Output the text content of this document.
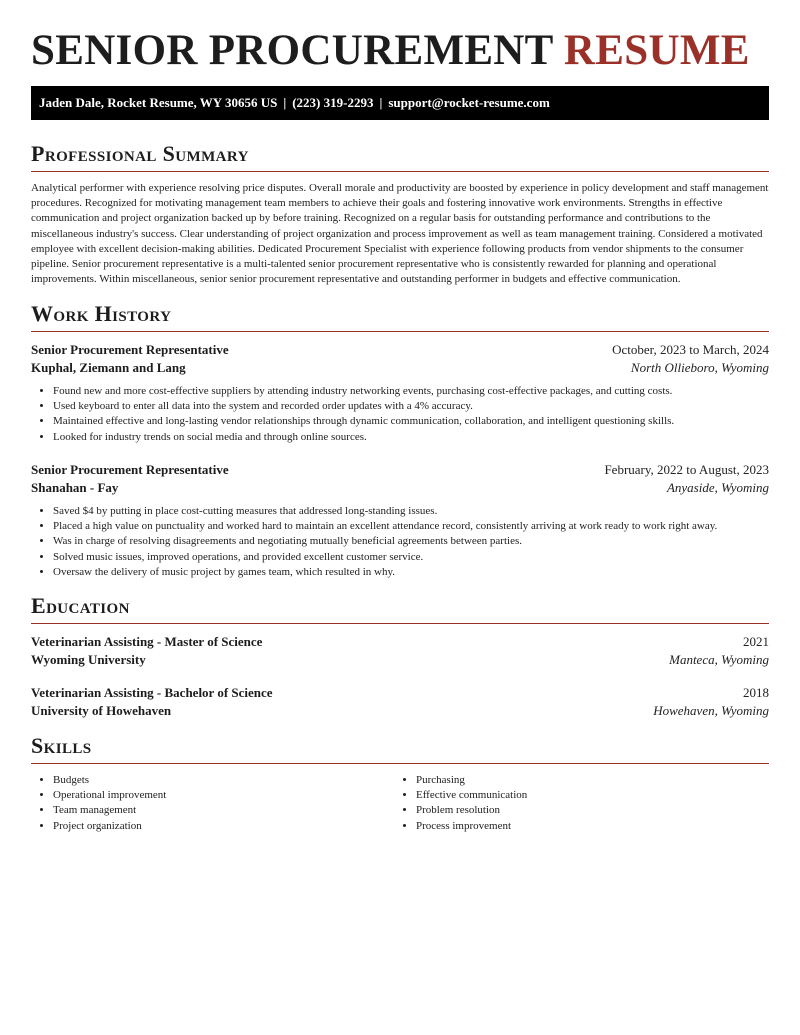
SENIOR PROCUREMENT RESUME
Jaden Dale, Rocket Resume, WY 30656 US | (223) 319-2293 | support@rocket-resume.com
Professional Summary

Analytical performer with experience resolving price disputes. Overall morale and productivity are boosted by experience in policy development and staff management procedures. Recognized for motivating management team members to achieve their goals and fostering innovative work environments. Strengths in effective communication and project organization backed up by before training. Recognized on a regular basis for outstanding performance and contributions to the miscellaneous industry's success. Clear understanding of project organization and process improvement as well as team management training. Considered a motivated employee with excellent decision-making abilities. Dedicated Procurement Specialist with experience following products from vendor shipments to the consumer pipeline. Senior procurement representative is a multi-talented senior procurement representative who is consistently rewarded for planning and operational improvements. Within miscellaneous, senior senior procurement representative and outstanding performer in budgets and effective communication.

Work History
Senior Procurement Representative	October, 2023 to March, 2024
Kuphal, Ziemann and Lang	North Ollieboro, Wyoming
• Found new and more cost-effective suppliers by attending industry networking events, purchasing cost-effective packages, and cutting costs.
• Used keyboard to enter all data into the system and recorded order updates with a 4% accuracy.
• Maintained effective and long-lasting vendor relationships through dynamic communication, collaboration, and intelligent questioning skills.
• Looked for industry trends on social media and through online sources.
Senior Procurement Representative	February, 2022 to August, 2023
Shanahan - Fay	Anyaside, Wyoming
• Saved $4 by putting in place cost-cutting measures that addressed long-standing issues.
• Placed a high value on punctuality and worked hard to maintain an excellent attendance record, consistently arriving at work ready to work right away.
• Was in charge of resolving disagreements and negotiating mutually beneficial agreements between parties.
• Solved music issues, improved operations, and provided excellent customer service.
• Oversaw the delivery of music project by games team, which resulted in why.
Education
Veterinarian Assisting - Master of Science	2021
Wyoming University	Manteca, Wyoming
Veterinarian Assisting - Bachelor of Science	2018
University of Howehaven	Howehaven, Wyoming
Skills
• Budgets
• Operational improvement
• Team management
• Project organization
• Purchasing
• Effective communication
• Problem resolution
• Process improvement
